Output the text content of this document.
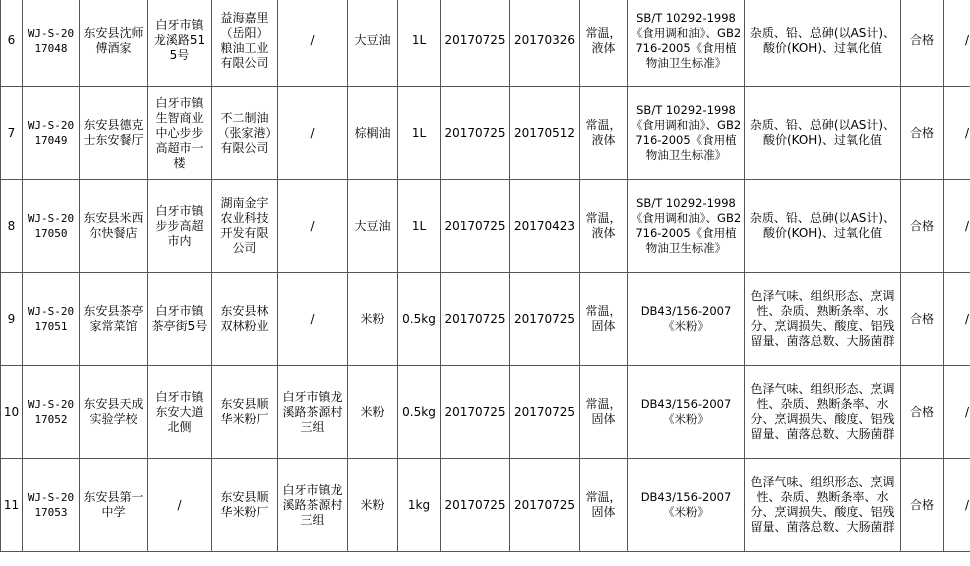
6	WJ-S-2017048	东安县沈师傅酒家	白牙市镇龙溪路515号	益海嘉里（岳阳）粮油工业有限公司	/	大豆油	1L	20170725	20170326	常温，液体	SB/T 10292-1998《食用调和油》、GB2716-2005《食用植物油卫生标准》	杂质、铅、总砷(以AS计)、酸价(KOH)、过氧化值	合格	/
7	WJ-S-2017049	东安县德克士东安餐厅	白牙市镇生智商业中心步步高超市一楼	不二制油（张家港）有限公司	/	棕榈油	1L	20170725	20170512	常温，液体	SB/T 10292-1998《食用调和油》、GB2716-2005《食用植物油卫生标准》	杂质、铅、总砷(以AS计)、酸价(KOH)、过氧化值	合格	/
8	WJ-S-2017050	东安县米西尔快餐店	白牙市镇步步高超市内	湖南金宇农业科技开发有限公司	/	大豆油	1L	20170725	20170423	常温，液体	SB/T 10292-1998《食用调和油》、GB2716-2005《食用植物油卫生标准》	杂质、铅、总砷(以AS计)、酸价(KOH)、过氧化值	合格	/
9	WJ-S-2017051	东安县茶亭家常菜馆	白牙市镇茶亭街5号	东安县林双林粉业	/	米粉	0.5kg	20170725	20170725	常温，固体	DB43/156-2007《米粉》	色泽气味、组织形态、烹调性、杂质、熟断条率、水分、烹调损失、酸度、铝残留量、菌落总数、大肠菌群	合格	/
10	WJ-S-2017052	东安县天成实验学校	白牙市镇东安大道北侧	东安县顺华米粉厂	白牙市镇龙溪路茶源村三组	米粉	0.5kg	20170725	20170725	常温，固体	DB43/156-2007《米粉》	色泽气味、组织形态、烹调性、杂质、熟断条率、水分、烹调损失、酸度、铝残留量、菌落总数、大肠菌群	合格	/
11	WJ-S-2017053	东安县第一中学	/	东安县顺华米粉厂	白牙市镇龙溪路茶源村三组	米粉	1kg	20170725	20170725	常温，固体	DB43/156-2007《米粉》	色泽气味、组织形态、烹调性、杂质、熟断条率、水分、烹调损失、酸度、铝残留量、菌落总数、大肠菌群	合格	/
